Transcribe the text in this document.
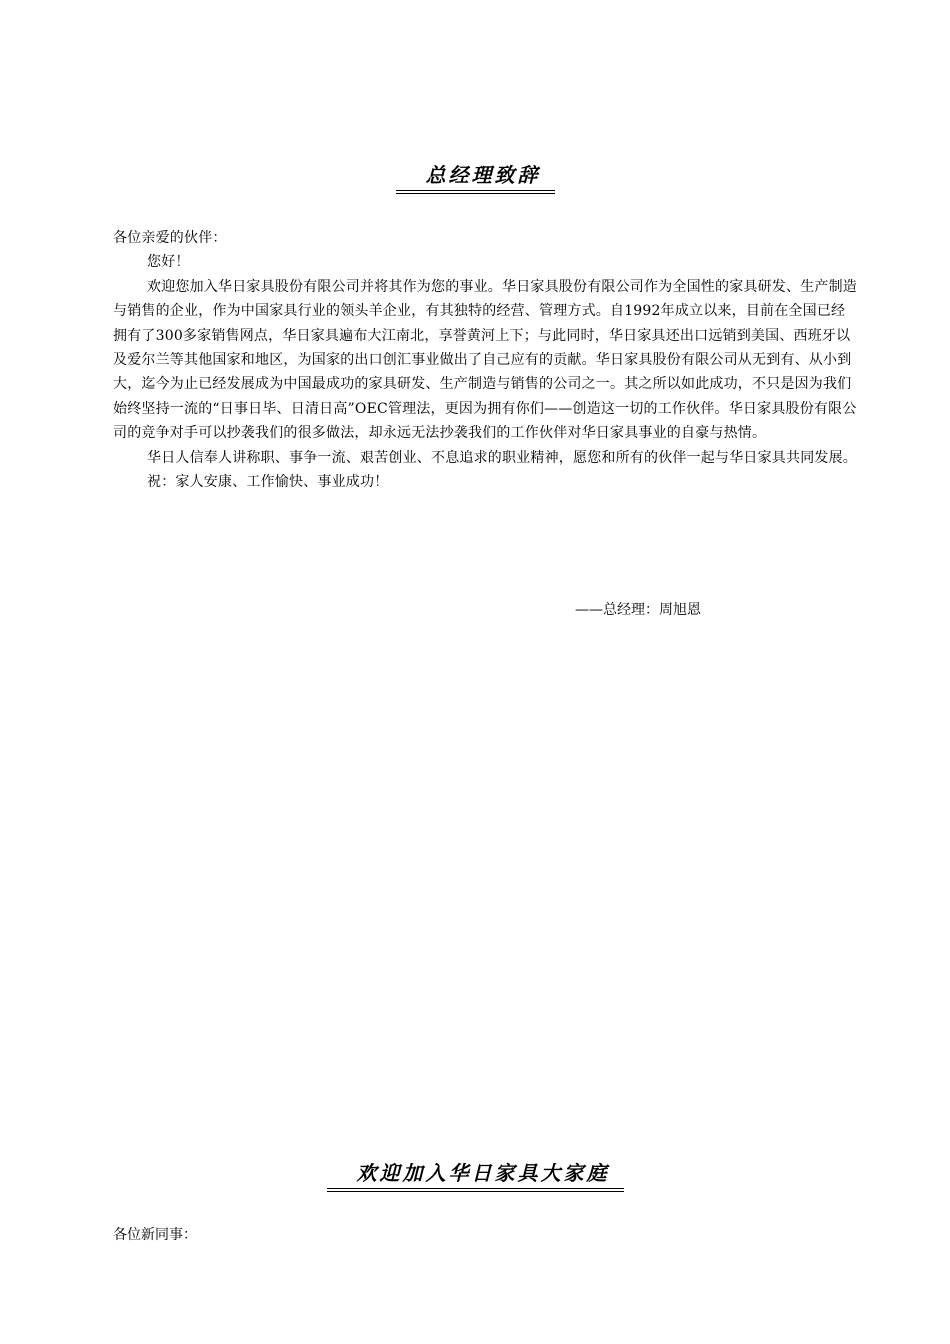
总经理致辞

各位亲爱的伙伴：

您好！

欢迎您加入华日家具股份有限公司并将其作为您的事业。华日家具股份有限公司作为全国性的家具研发、生产制造与销售的企业，作为中国家具行业的领头羊企业，有其独特的经营、管理方式。自1992年成立以来，目前在全国已经拥有了300多家销售网点，华日家具遍布大江南北，享誉黄河上下；与此同时，华日家具还出口远销到美国、西班牙以及爱尔兰等其他国家和地区，为国家的出口创汇事业做出了自己应有的贡献。华日家具股份有限公司从无到有、从小到大，迄今为止已经发展成为中国最成功的家具研发、生产制造与销售的公司之一。其之所以如此成功，不只是因为我们始终坚持一流的“日事日毕、日清日高”OEC管理法，更因为拥有你们——创造这一切的工作伙伴。华日家具股份有限公司的竞争对手可以抄袭我们的很多做法，却永远无法抄袭我们的工作伙伴对华日家具事业的自豪与热情。

华日人信奉人讲称职、事争一流、艰苦创业、不息追求的职业精神，愿您和所有的伙伴一起与华日家具共同发展。

祝：家人安康、工作愉快、事业成功！

——总经理：周旭恩
欢迎加入华日家具大家庭
各位新同事：
